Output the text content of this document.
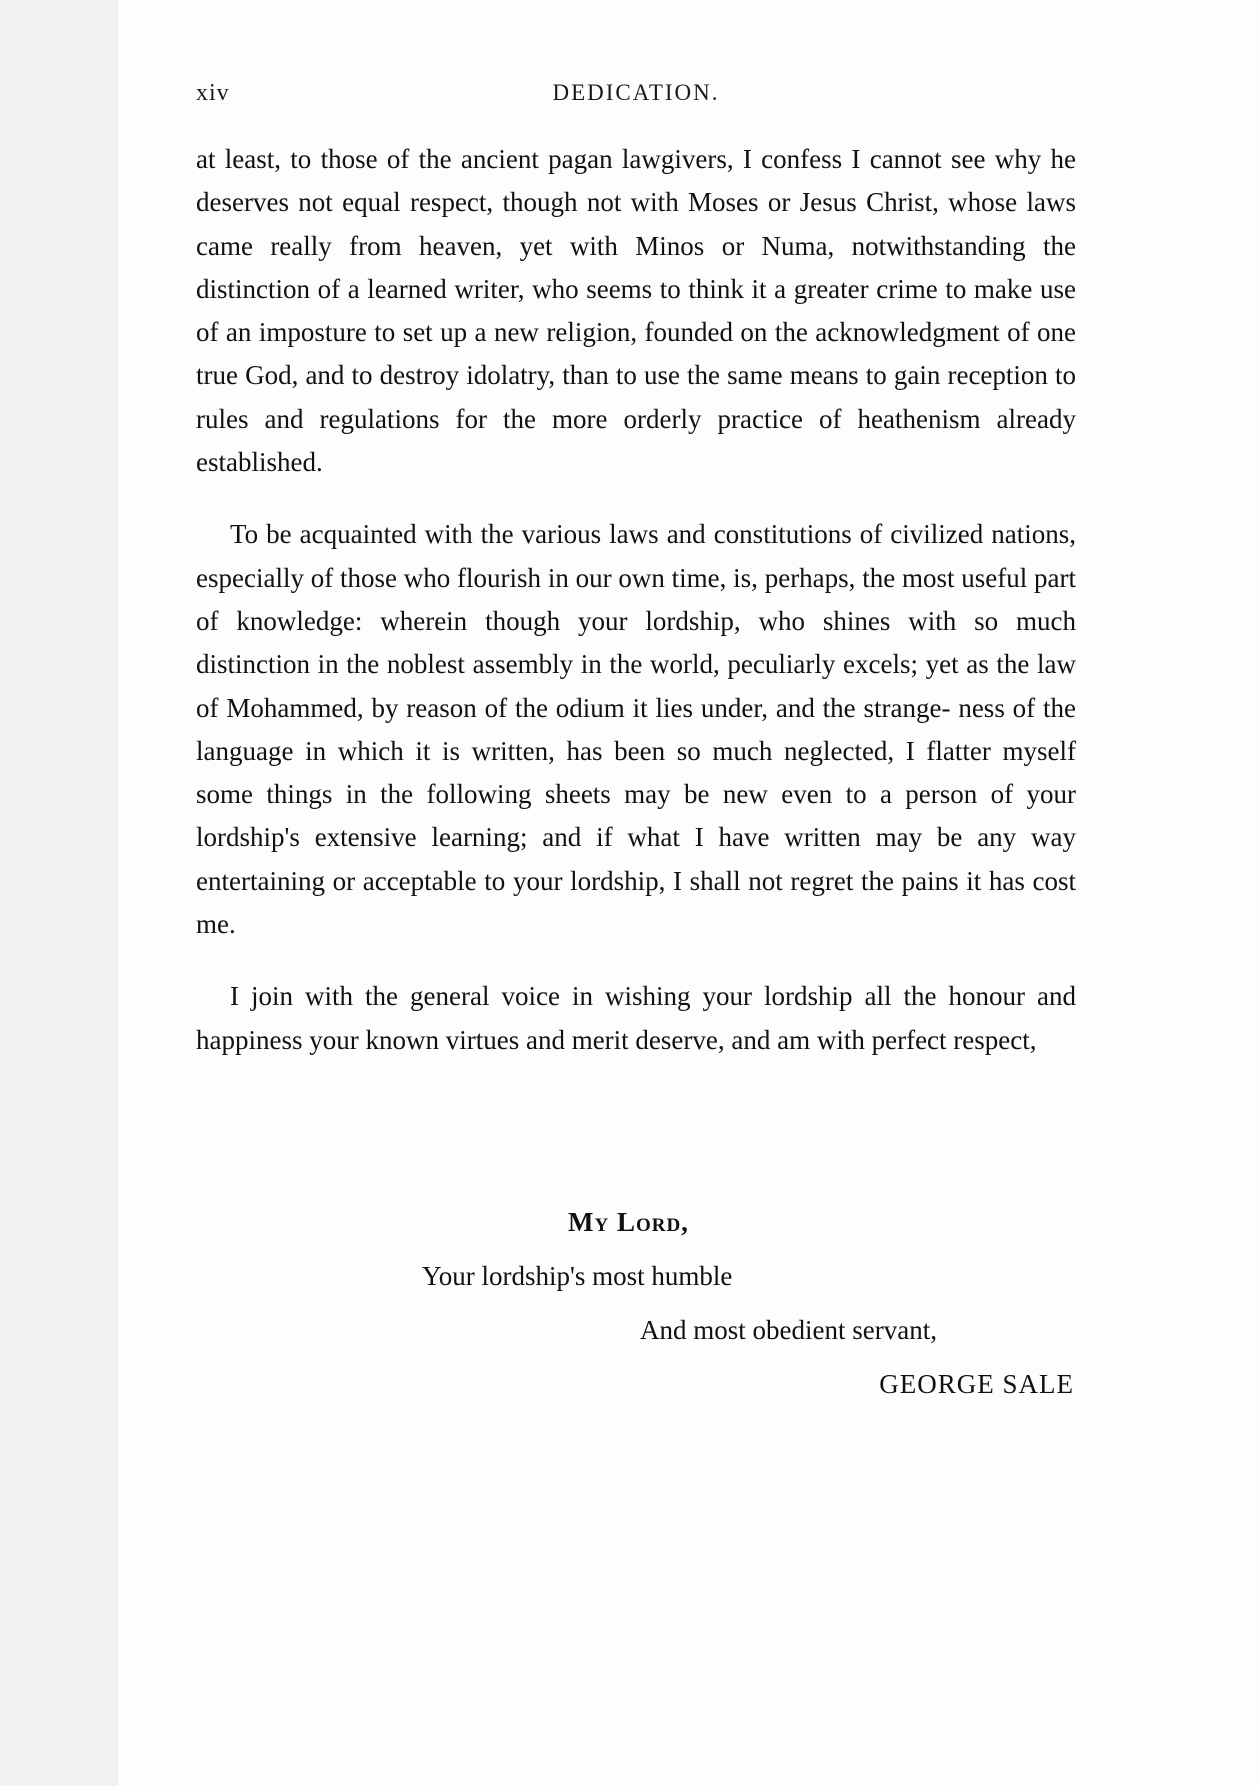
xiv	DEDICATION.

at least, to those of the ancient pagan lawgivers, I confess I cannot see why he deserves not equal respect, though not with Moses or Jesus Christ, whose laws came really from heaven, yet with Minos or Numa, notwithstanding the distinction of a learned writer, who seems to think it a greater crime to make use of an imposture to set up a new religion, founded on the acknowledgment of one true God, and to destroy idolatry, than to use the same means to gain reception to rules and regulations for the more orderly practice of heathenism already established.

To be acquainted with the various laws and constitutions of civilized nations, especially of those who flourish in our own time, is, perhaps, the most useful part of knowledge: wherein though your lordship, who shines with so much distinction in the noblest assembly in the world, peculiarly excels; yet as the law of Mohammed, by reason of the odium it lies under, and the strange- ness of the language in which it is written, has been so much neglected, I flatter myself some things in the following sheets may be new even to a person of your lordship's extensive learning; and if what I have written may be any way entertaining or acceptable to your lordship, I shall not regret the pains it has cost me.

I join with the general voice in wishing your lordship all the honour and happiness your known virtues and merit deserve, and am with perfect respect,

My Lord,
Your lordship's most humble
And most obedient servant,
GEORGE SALE
